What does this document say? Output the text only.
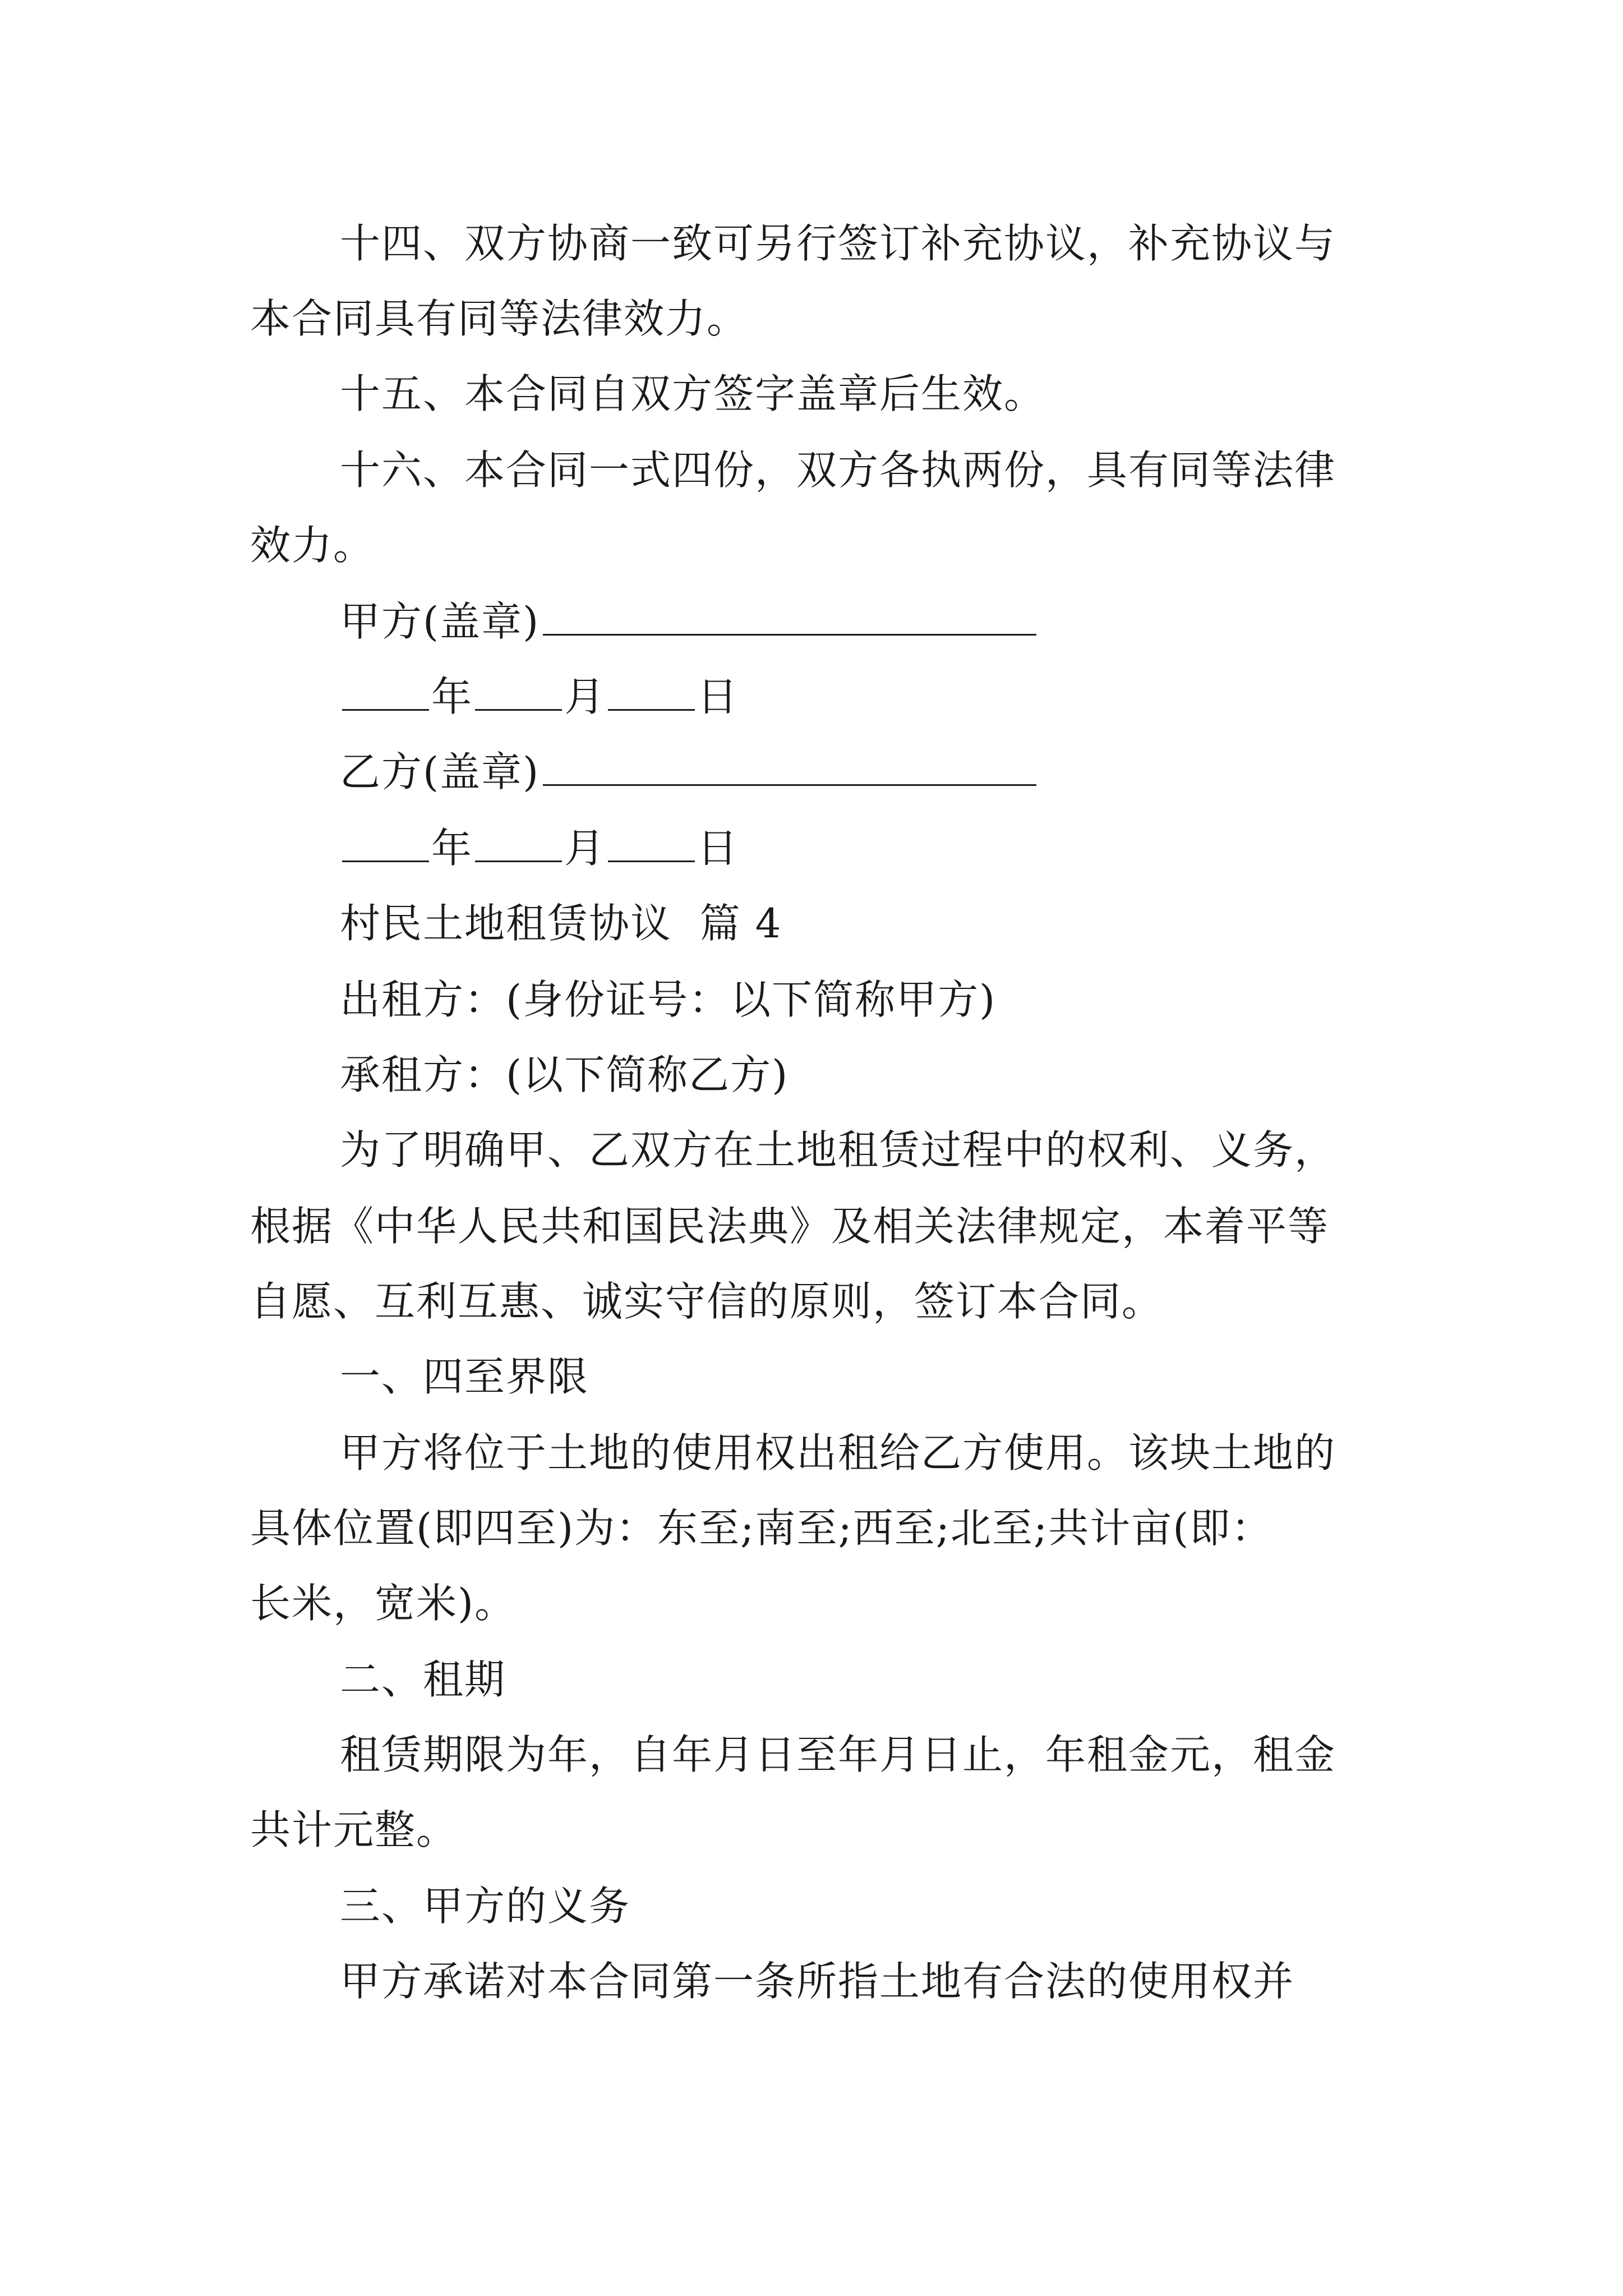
十四、双方协商一致可另行签订补充协议，补充协议与
本合同具有同等法律效力。
十五、本合同自双方签字盖章后生效。
十六、本合同一式四份，双方各执两份，具有同等法律
效力。
甲方(盖章)
年 月 日
乙方(盖章)
年 月 日
村民土地租赁协议  篇 4
出租方：(身份证号：以下简称甲方)
承租方：(以下简称乙方)
为了明确甲、乙双方在土地租赁过程中的权利、义务，
根据《中华人民共和国民法典》及相关法律规定，本着平等
自愿、互利互惠、诚实守信的原则，签订本合同。
一、四至界限
甲方将位于土地的使用权出租给乙方使用。该块土地的
具体位置(即四至)为：东至;南至;西至;北至;共计亩(即：
长米，宽米)。
二、租期
租赁期限为年，自年月日至年月日止，年租金元，租金
共计元整。
三、甲方的义务
甲方承诺对本合同第一条所指土地有合法的使用权并
